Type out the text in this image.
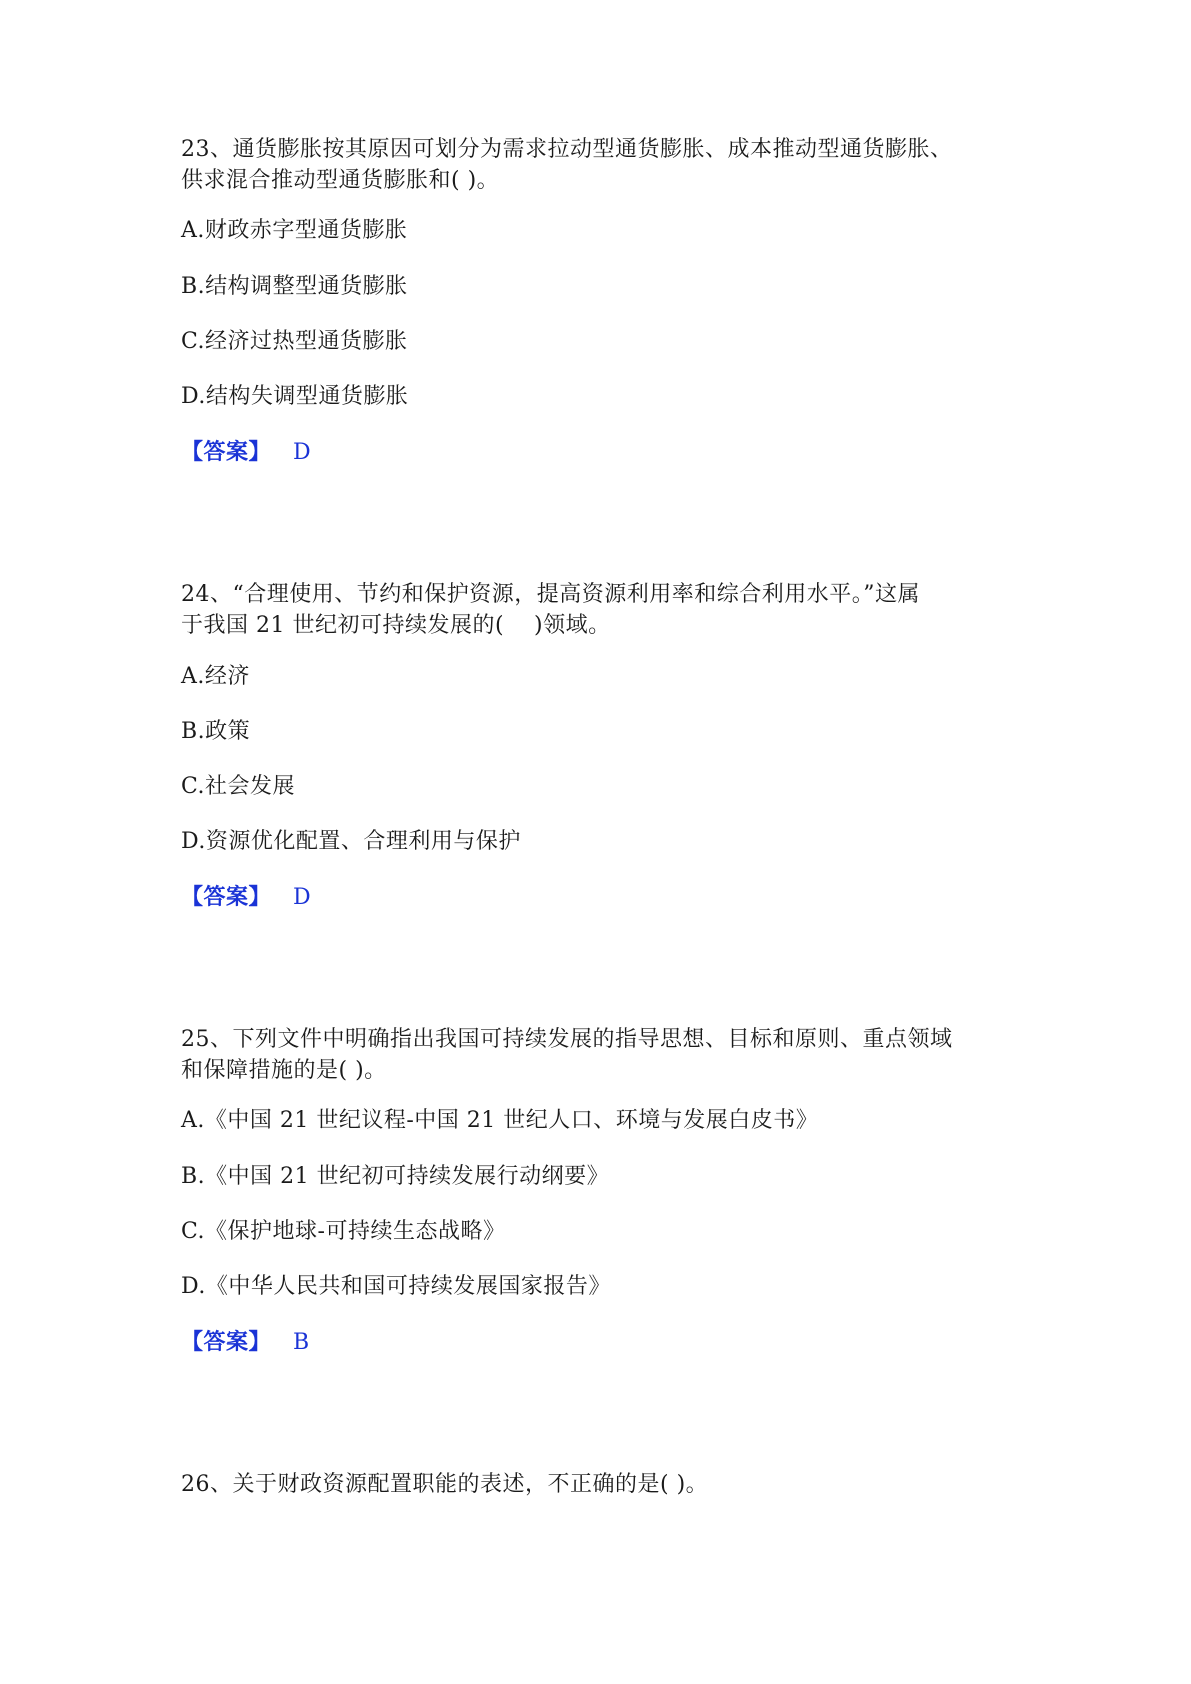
23、通货膨胀按其原因可划分为需求拉动型通货膨胀、成本推动型通货膨胀、
供求混合推动型通货膨胀和( )。
A.财政赤字型通货膨胀
B.结构调整型通货膨胀
C.经济过热型通货膨胀
D.结构失调型通货膨胀
【答案】 D
24、“合理使用、节约和保护资源，提高资源利用率和综合利用水平。”这属
于我国 21 世纪初可持续发展的(　 )领域。
A.经济
B.政策
C.社会发展
D.资源优化配置、合理利用与保护
【答案】 D
25、下列文件中明确指出我国可持续发展的指导思想、目标和原则、重点领域
和保障措施的是( )。
A.《中国 21 世纪议程-中国 21 世纪人口、环境与发展白皮书》
B.《中国 21 世纪初可持续发展行动纲要》
C.《保护地球-可持续生态战略》
D.《中华人民共和国可持续发展国家报告》
【答案】 B
26、关于财政资源配置职能的表述，不正确的是( )。
